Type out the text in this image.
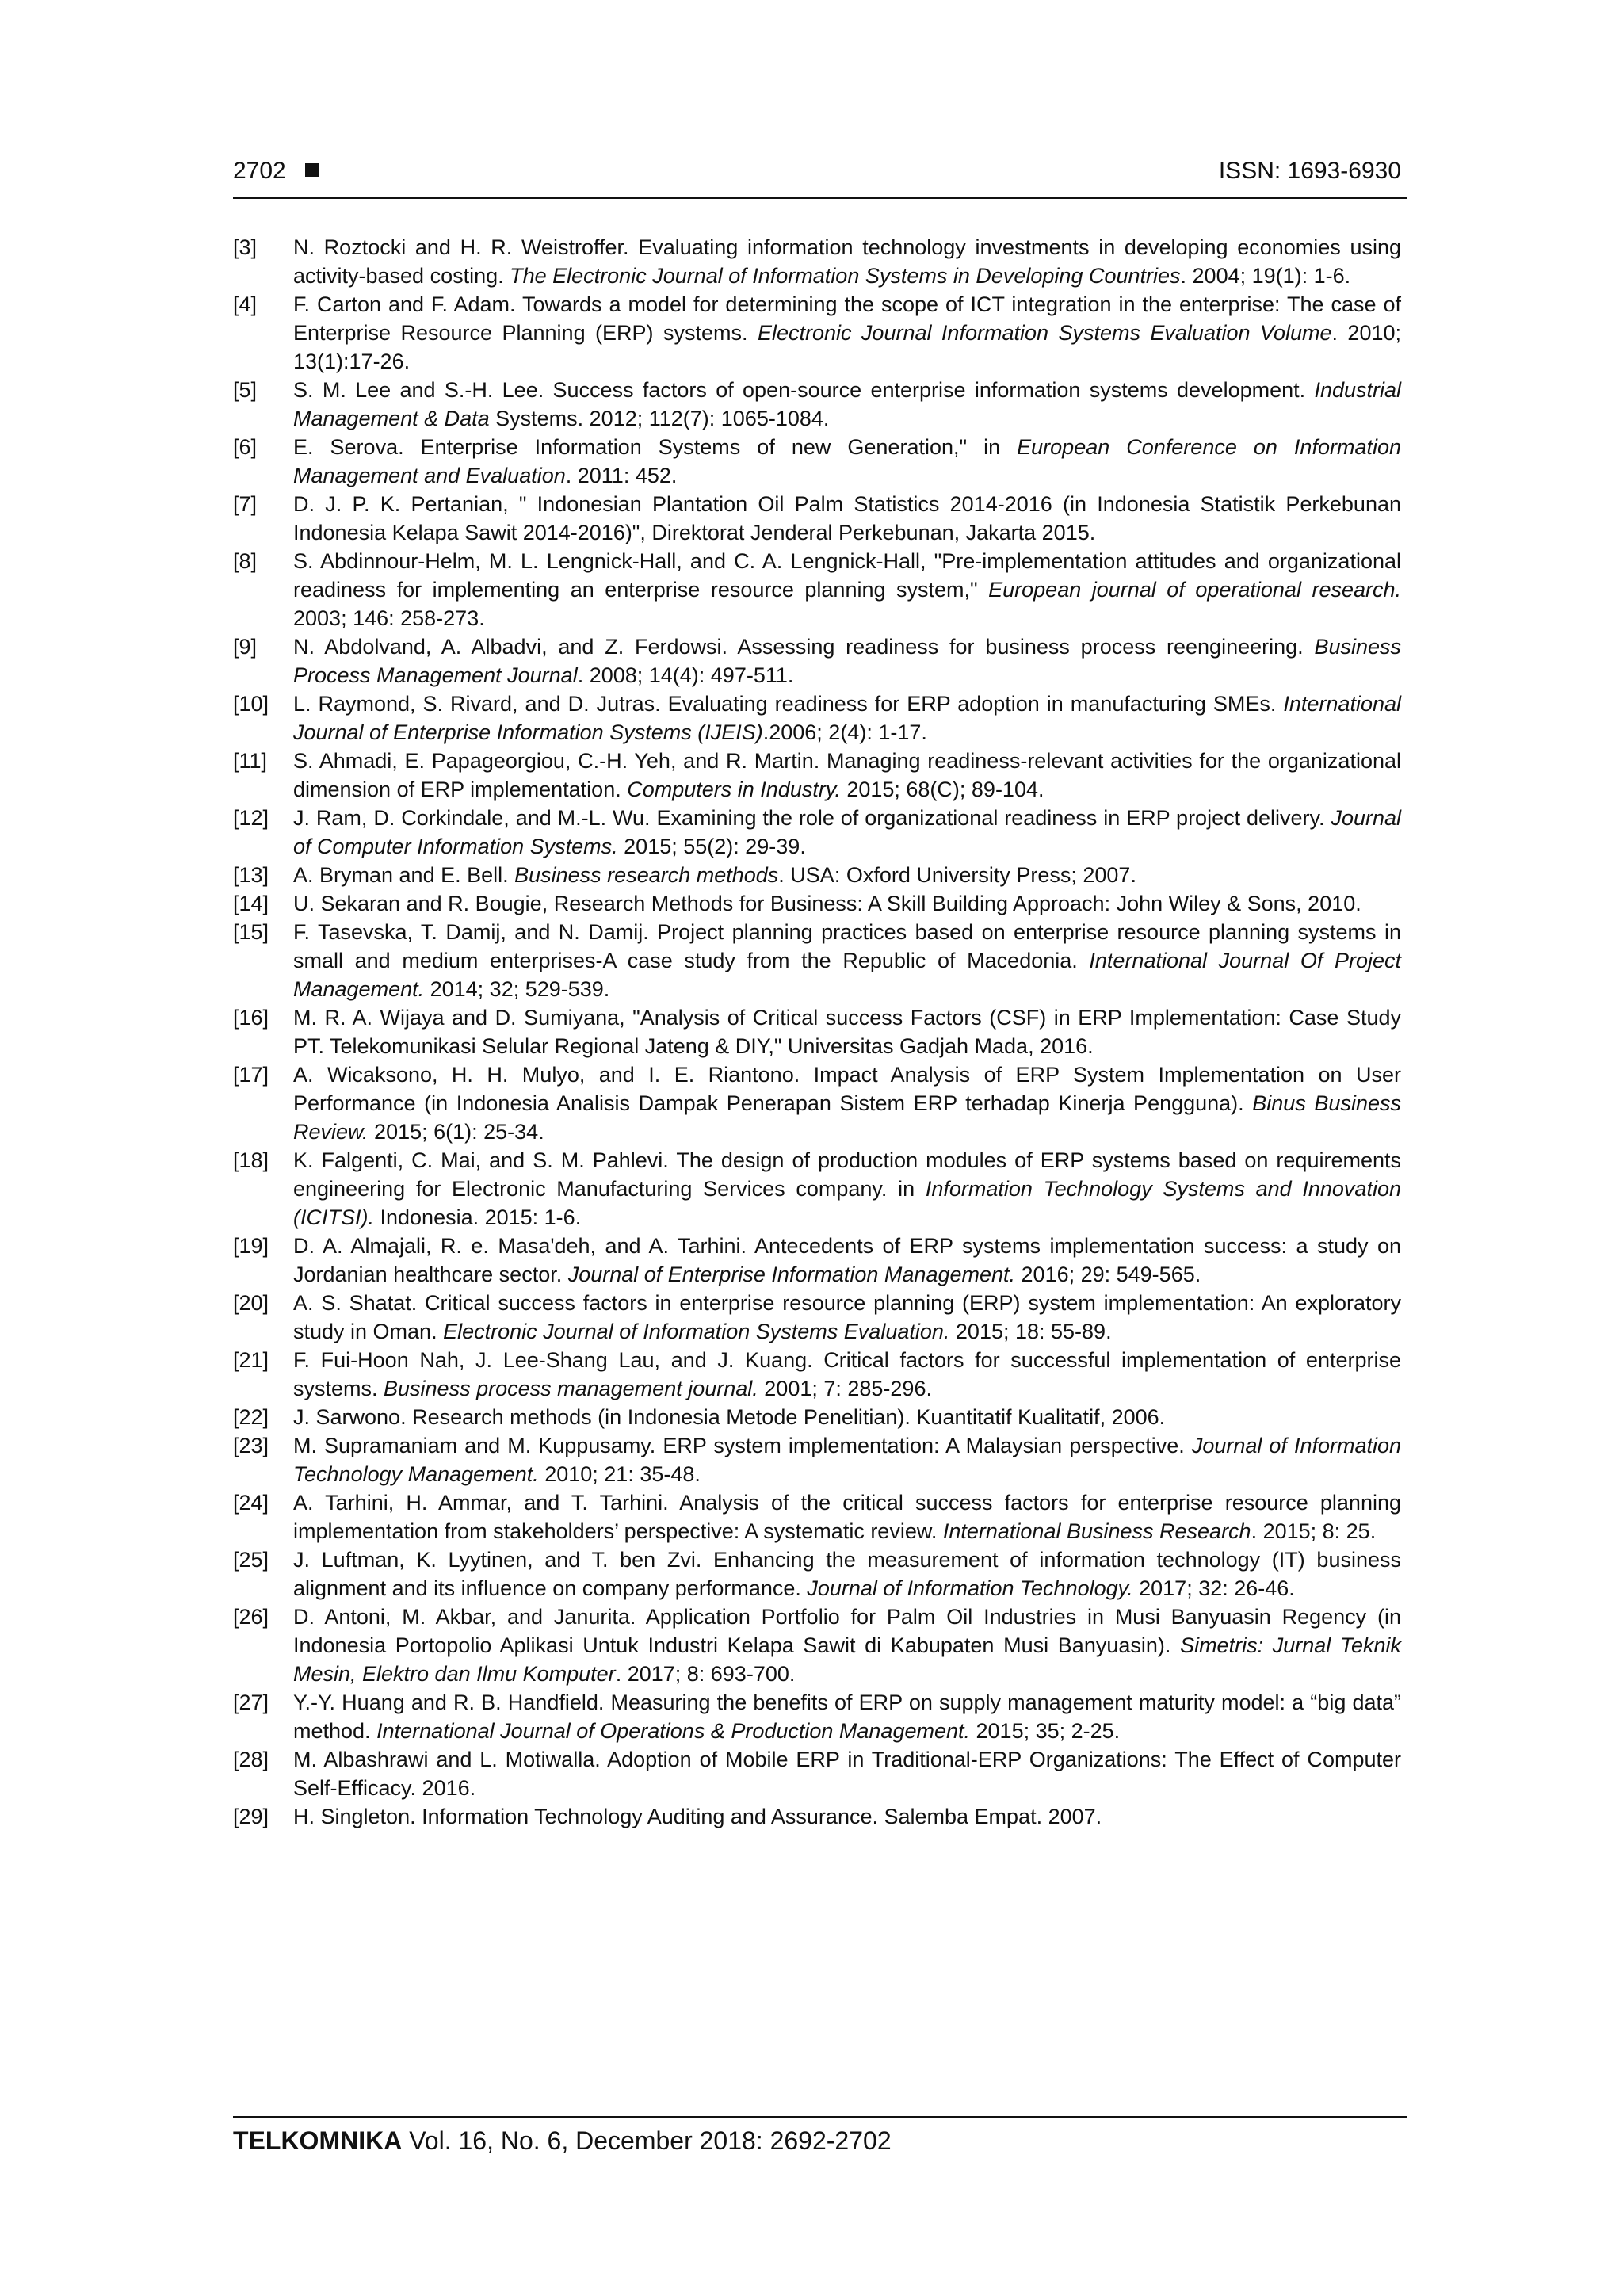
2702	ISSN: 1693-6930
[3]	N. Roztocki and H. R. Weistroffer. Evaluating information technology investments in developing economies using activity-based costing. The Electronic Journal of Information Systems in Developing Countries. 2004; 19(1): 1-6.
[4]	F. Carton and F. Adam. Towards a model for determining the scope of ICT integration in the enterprise: The case of Enterprise Resource Planning (ERP) systems. Electronic Journal Information Systems Evaluation Volume. 2010; 13(1):17-26.
[5]	S. M. Lee and S.-H. Lee. Success factors of open-source enterprise information systems development. Industrial Management & Data Systems. 2012; 112(7): 1065-1084.
[6]	E. Serova. Enterprise Information Systems of new Generation," in European Conference on Information Management and Evaluation. 2011: 452.
[7]	D. J. P. K. Pertanian, " Indonesian Plantation Oil Palm Statistics 2014-2016 (in Indonesia Statistik Perkebunan Indonesia Kelapa Sawit 2014-2016)", Direktorat Jenderal Perkebunan, Jakarta 2015.
[8]	S. Abdinnour-Helm, M. L. Lengnick-Hall, and C. A. Lengnick-Hall, "Pre-implementation attitudes and organizational readiness for implementing an enterprise resource planning system," European journal of operational research. 2003; 146: 258-273.
[9]	N. Abdolvand, A. Albadvi, and Z. Ferdowsi. Assessing readiness for business process reengineering. Business Process Management Journal. 2008; 14(4): 497-511.
[10]	L. Raymond, S. Rivard, and D. Jutras. Evaluating readiness for ERP adoption in manufacturing SMEs. International Journal of Enterprise Information Systems (IJEIS).2006; 2(4): 1-17.
[11]	S. Ahmadi, E. Papageorgiou, C.-H. Yeh, and R. Martin. Managing readiness-relevant activities for the organizational dimension of ERP implementation. Computers in Industry. 2015; 68(C); 89-104.
[12]	J. Ram, D. Corkindale, and M.-L. Wu. Examining the role of organizational readiness in ERP project delivery. Journal of Computer Information Systems. 2015; 55(2): 29-39.
[13]	A. Bryman and E. Bell. Business research methods. USA: Oxford University Press; 2007.
[14]	U. Sekaran and R. Bougie, Research Methods for Business: A Skill Building Approach: John Wiley & Sons, 2010.
[15]	F. Tasevska, T. Damij, and N. Damij. Project planning practices based on enterprise resource planning systems in small and medium enterprises-A case study from the Republic of Macedonia. International Journal Of Project Management. 2014; 32; 529-539.
[16]	M. R. A. Wijaya and D. Sumiyana, "Analysis of Critical success Factors (CSF) in ERP Implementation: Case Study PT. Telekomunikasi Selular Regional Jateng & DIY," Universitas Gadjah Mada, 2016.
[17]	A. Wicaksono, H. H. Mulyo, and I. E. Riantono. Impact Analysis of ERP System Implementation on User Performance (in Indonesia Analisis Dampak Penerapan Sistem ERP terhadap Kinerja Pengguna). Binus Business Review. 2015; 6(1): 25-34.
[18]	K. Falgenti, C. Mai, and S. M. Pahlevi. The design of production modules of ERP systems based on requirements engineering for Electronic Manufacturing Services company. in Information Technology Systems and Innovation (ICITSI). Indonesia. 2015: 1-6.
[19]	D. A. Almajali, R. e. Masa'deh, and A. Tarhini. Antecedents of ERP systems implementation success: a study on Jordanian healthcare sector. Journal of Enterprise Information Management. 2016; 29: 549-565.
[20]	A. S. Shatat. Critical success factors in enterprise resource planning (ERP) system implementation: An exploratory study in Oman. Electronic Journal of Information Systems Evaluation. 2015; 18: 55-89.
[21]	F. Fui-Hoon Nah, J. Lee-Shang Lau, and J. Kuang. Critical factors for successful implementation of enterprise systems. Business process management journal. 2001; 7: 285-296.
[22]	J. Sarwono. Research methods (in Indonesia Metode Penelitian). Kuantitatif Kualitatif, 2006.
[23]	M. Supramaniam and M. Kuppusamy. ERP system implementation: A Malaysian perspective. Journal of Information Technology Management. 2010; 21: 35-48.
[24]	A. Tarhini, H. Ammar, and T. Tarhini. Analysis of the critical success factors for enterprise resource planning implementation from stakeholders’ perspective: A systematic review. International Business Research. 2015; 8: 25.
[25]	J. Luftman, K. Lyytinen, and T. ben Zvi. Enhancing the measurement of information technology (IT) business alignment and its influence on company performance. Journal of Information Technology. 2017; 32: 26-46.
[26]	D. Antoni, M. Akbar, and Janurita. Application Portfolio for Palm Oil Industries in Musi Banyuasin Regency (in Indonesia Portopolio Aplikasi Untuk Industri Kelapa Sawit di Kabupaten Musi Banyuasin). Simetris: Jurnal Teknik Mesin, Elektro dan Ilmu Komputer. 2017; 8: 693-700.
[27]	Y.-Y. Huang and R. B. Handfield. Measuring the benefits of ERP on supply management maturity model: a “big data” method. International Journal of Operations & Production Management. 2015; 35; 2-25.
[28]	M. Albashrawi and L. Motiwalla. Adoption of Mobile ERP in Traditional-ERP Organizations: The Effect of Computer Self-Efficacy. 2016.
[29]	H. Singleton. Information Technology Auditing and Assurance. Salemba Empat. 2007.
TELKOMNIKA Vol. 16, No. 6, December 2018: 2692-2702
